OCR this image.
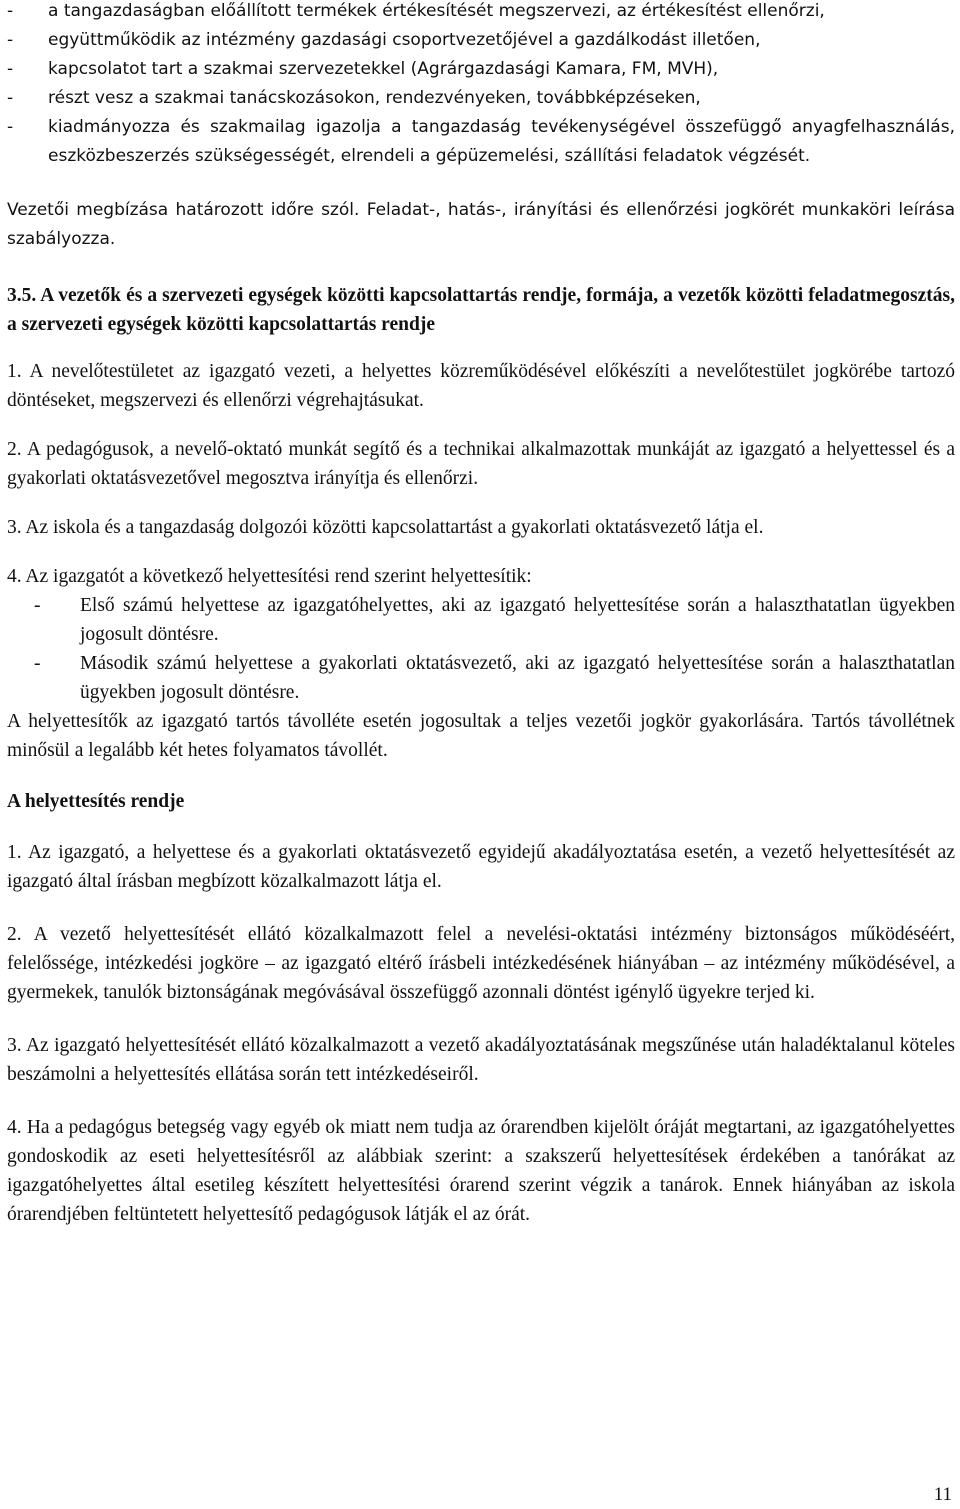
-	a tangazdaságban előállított termékek értékesítését megszervezi, az értékesítést ellenőrzi,
-	együttműködik az intézmény gazdasági csoportvezetőjével a gazdálkodást illetően,
-	kapcsolatot tart a szakmai szervezetekkel (Agrárgazdasági Kamara, FM, MVH),
-	részt vesz a szakmai tanácskozásokon, rendezvényeken, továbbképzéseken,
-	kiadmányozza és szakmailag igazolja a tangazdaság tevékenységével összefüggő anyagfelhasználás, eszközbeszerzés szükségességét, elrendeli a gépüzemelési, szállítási feladatok végzését.

Vezetői megbízása határozott időre szól. Feladat-, hatás-, irányítási és ellenőrzési jogkörét munkaköri leírása szabályozza.

3.5. A vezetők és a szervezeti egységek közötti kapcsolattartás rendje, formája, a vezetők közötti feladatmegosztás, a szervezeti egységek közötti kapcsolattartás rendje

1. A nevelőtestületet az igazgató vezeti, a helyettes közreműködésével előkészíti a nevelőtestület jogkörébe tartozó döntéseket, megszervezi és ellenőrzi végrehajtásukat.

2. A pedagógusok, a nevelő-oktató munkát segítő és a technikai alkalmazottak munkáját az igazgató a helyettessel és a gyakorlati oktatásvezetővel megosztva irányítja és ellenőrzi.

3. Az iskola és a tangazdaság dolgozói közötti kapcsolattartást a gyakorlati oktatásvezető látja el.

4. Az igazgatót a következő helyettesítési rend szerint helyettesítik:

-	Első számú helyettese az igazgatóhelyettes, aki az igazgató helyettesítése során a halaszthatatlan ügyekben jogosult döntésre.
-	Második számú helyettese a gyakorlati oktatásvezető, aki az igazgató helyettesítése során a halaszthatatlan ügyekben jogosult döntésre.

A helyettesítők az igazgató tartós távolléte esetén jogosultak a teljes vezetői jogkör gyakorlására. Tartós távollétnek minősül a legalább két hetes folyamatos távollét.

A helyettesítés rendje

1. Az igazgató, a helyettese és a gyakorlati oktatásvezető egyidejű akadályoztatása esetén, a vezető helyettesítését az igazgató által írásban megbízott közalkalmazott látja el.

2. A vezető helyettesítését ellátó közalkalmazott felel a nevelési-oktatási intézmény biztonságos működéséért, felelőssége, intézkedési jogköre – az igazgató eltérő írásbeli intézkedésének hiányában – az intézmény működésével, a gyermekek, tanulók biztonságának megóvásával összefüggő azonnali döntést igénylő ügyekre terjed ki.

3. Az igazgató helyettesítését ellátó közalkalmazott a vezető akadályoztatásának megszűnése után haladéktalanul köteles beszámolni a helyettesítés ellátása során tett intézkedéseiről.

4. Ha a pedagógus betegség vagy egyéb ok miatt nem tudja az órarendben kijelölt óráját megtartani, az igazgatóhelyettes gondoskodik az eseti helyettesítésről az alábbiak szerint: a szakszerű helyettesítések érdekében a tanórákat az igazgatóhelyettes által esetileg készített helyettesítési órarend szerint végzik a tanárok. Ennek hiányában az iskola órarendjében feltüntetett helyettesítő pedagógusok látják el az órát.

11
